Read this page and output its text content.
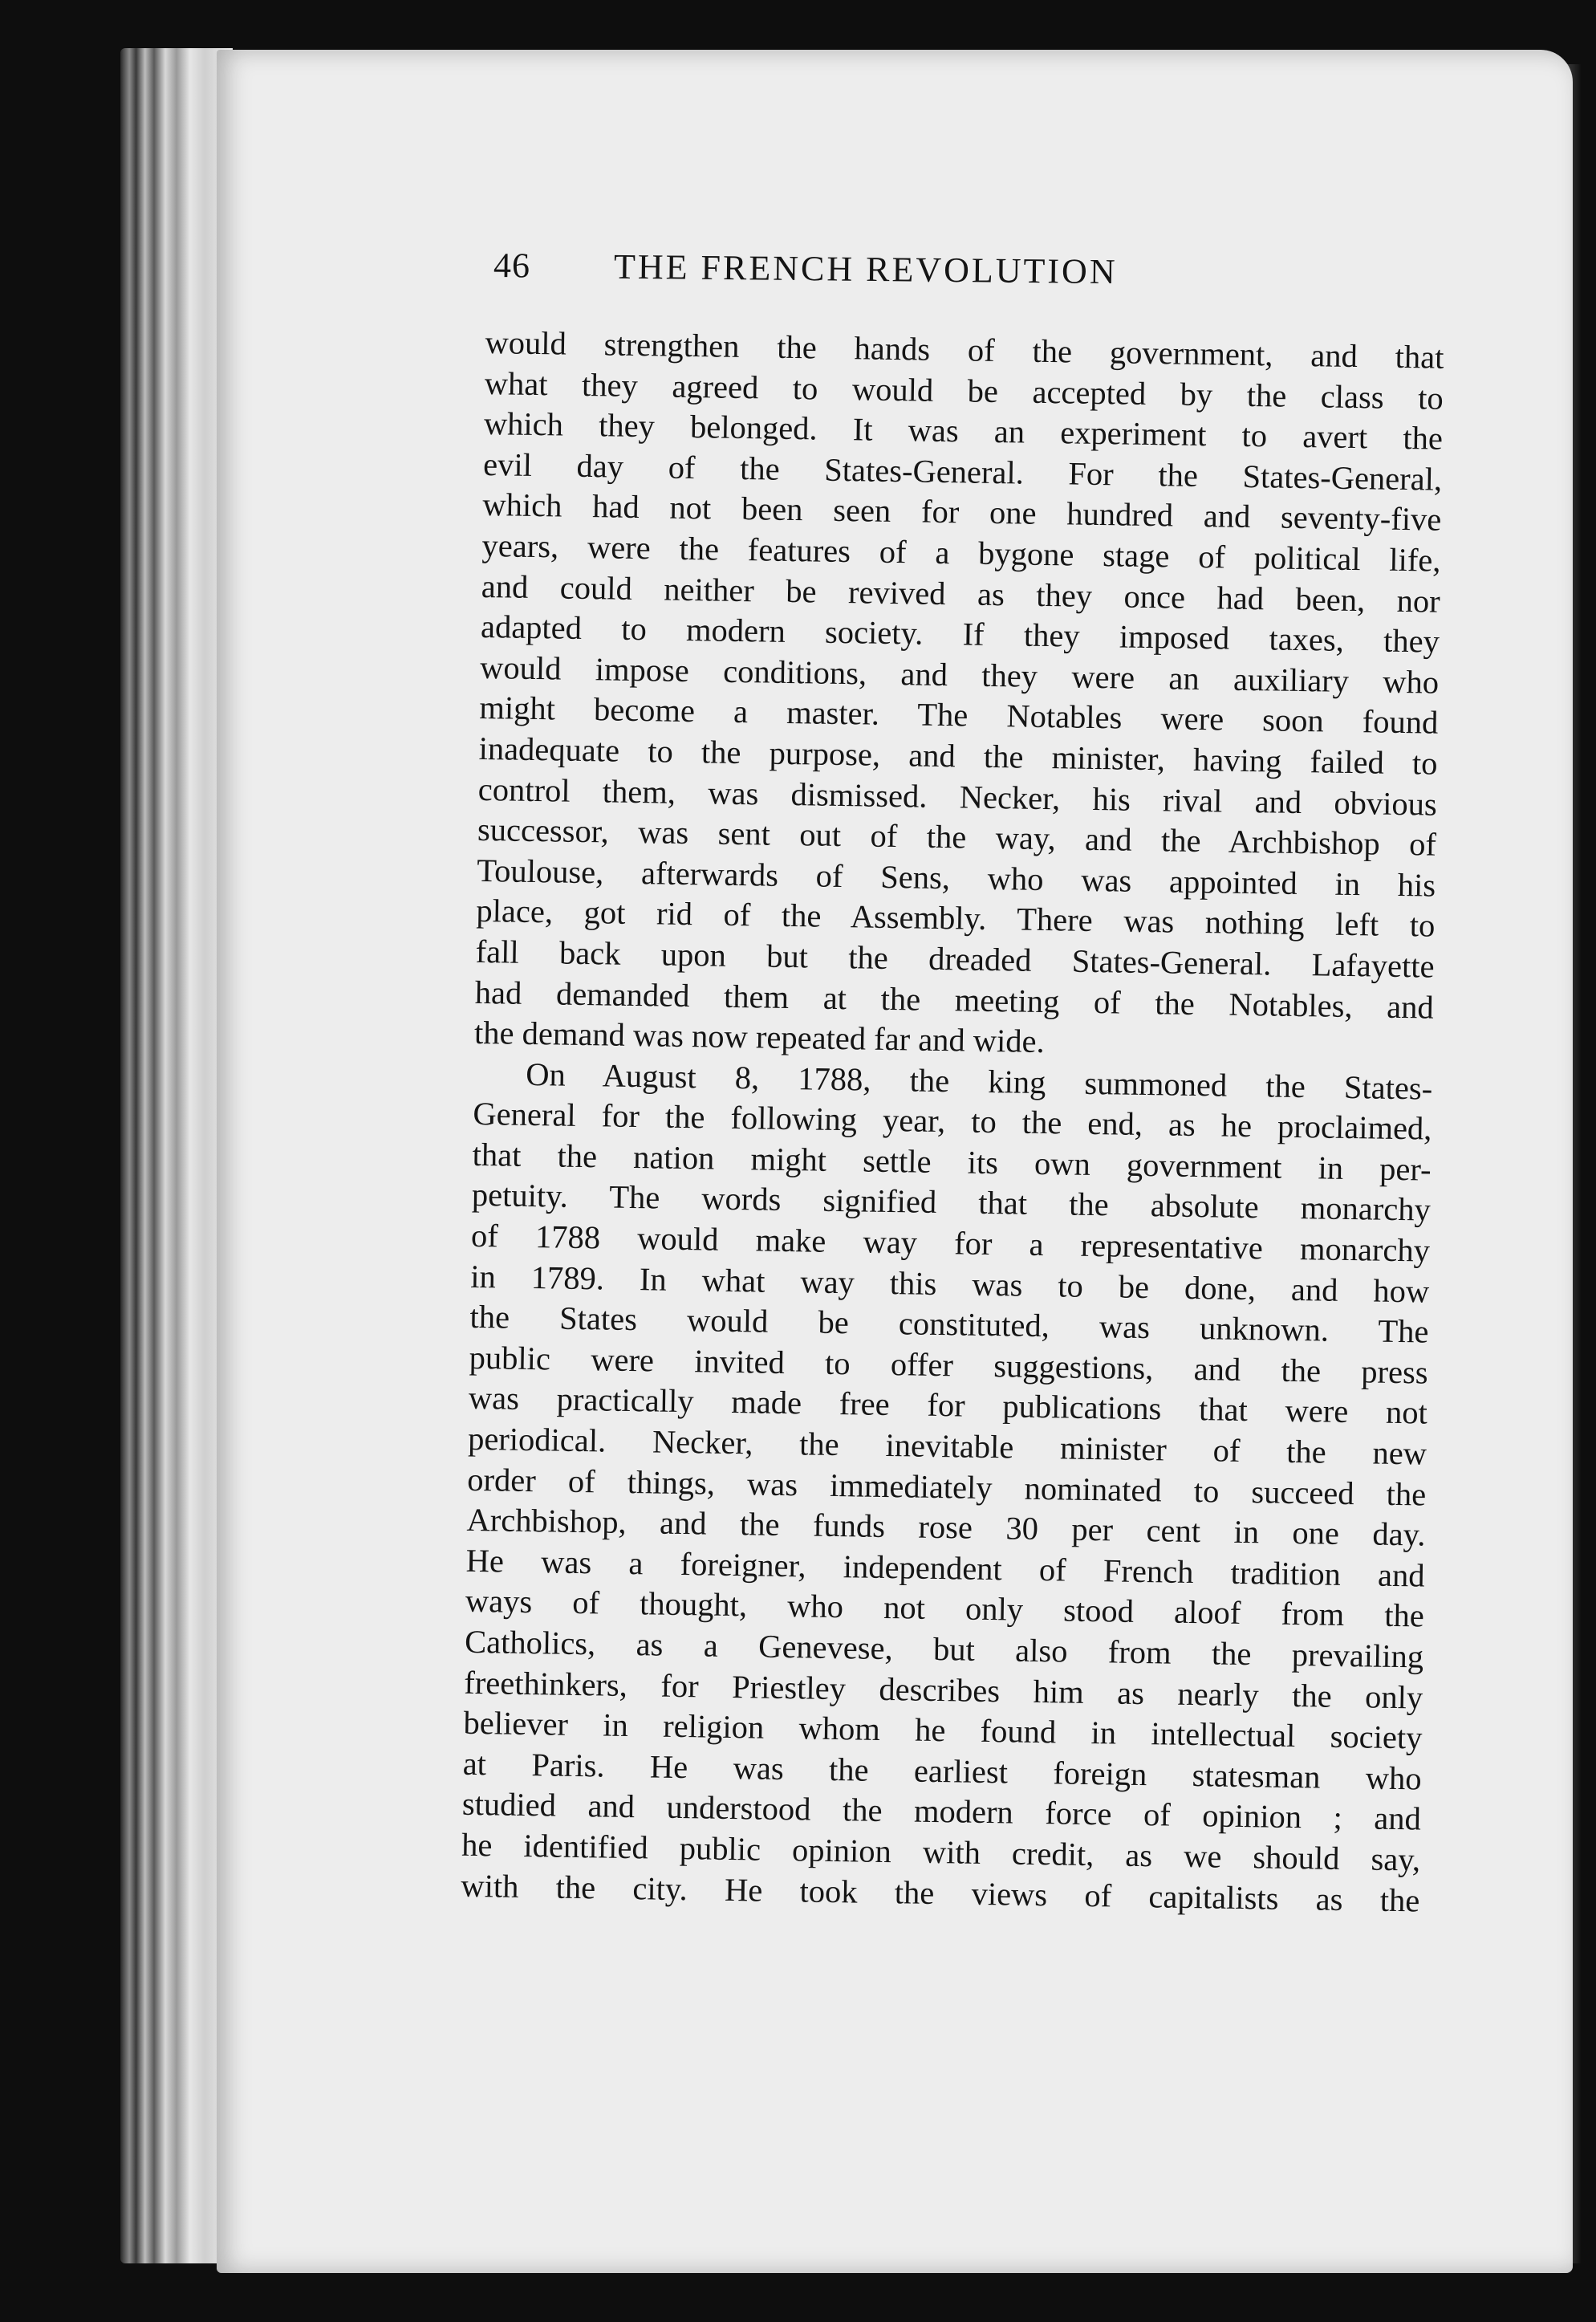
46	THE FRENCH REVOLUTION
would strengthen the hands of the government, and that
what they agreed to would be accepted by the class to
which they belonged. It was an experiment to avert the
evil day of the States-General. For the States-General,
which had not been seen for one hundred and seventy-five
years, were the features of a bygone stage of political life,
and could neither be revived as they once had been, nor
adapted to modern society. If they imposed taxes, they
would impose conditions, and they were an auxiliary who
might become a master. The Notables were soon found
inadequate to the purpose, and the minister, having failed to
control them, was dismissed. Necker, his rival and obvious
successor, was sent out of the way, and the Archbishop of
Toulouse, afterwards of Sens, who was appointed in his
place, got rid of the Assembly. There was nothing left to
fall back upon but the dreaded States-General. Lafayette
had demanded them at the meeting of the Notables, and
the demand was now repeated far and wide.
On August 8, 1788, the king summoned the States-
General for the following year, to the end, as he proclaimed,
that the nation might settle its own government in per-
petuity. The words signified that the absolute monarchy
of 1788 would make way for a representative monarchy
in 1789. In what way this was to be done, and how
the States would be constituted, was unknown. The
public were invited to offer suggestions, and the press
was practically made free for publications that were not
periodical. Necker, the inevitable minister of the new
order of things, was immediately nominated to succeed the
Archbishop, and the funds rose 30 per cent in one day.
He was a foreigner, independent of French tradition and
ways of thought, who not only stood aloof from the
Catholics, as a Genevese, but also from the prevailing
freethinkers, for Priestley describes him as nearly the only
believer in religion whom he found in intellectual society
at Paris. He was the earliest foreign statesman who
studied and understood the modern force of opinion ; and
he identified public opinion with credit, as we should say,
with the city. He took the views of capitalists as the
